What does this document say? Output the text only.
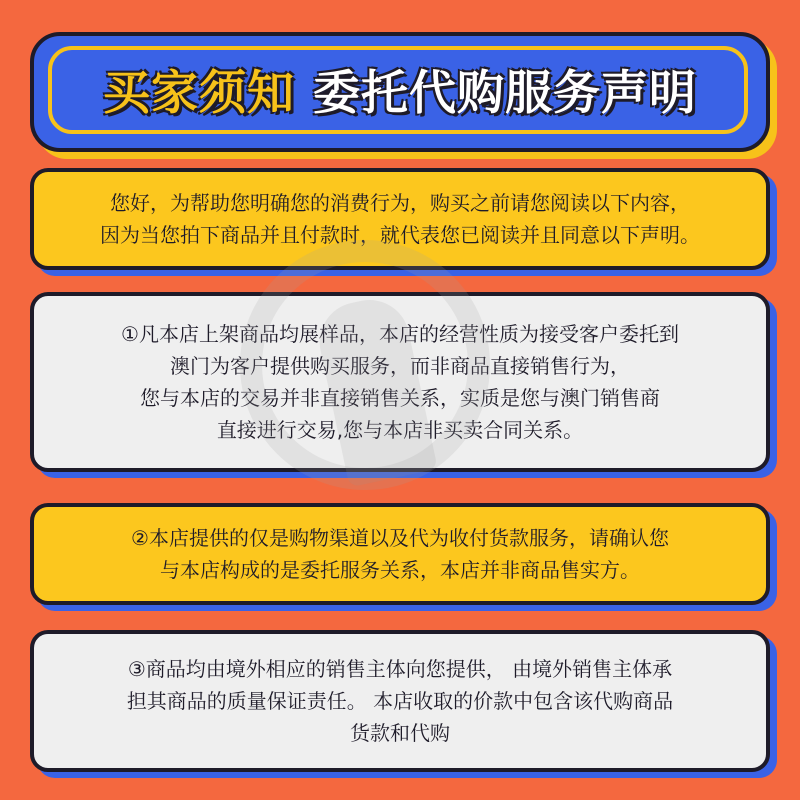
买家须知 委托代购服务声明
您好，为帮助您明确您的消费行为，购买之前请您阅读以下内容，
因为当您拍下商品并且付款时，就代表您已阅读并且同意以下声明。
①凡本店上架商品均展样品，本店的经营性质为接受客户委托到
澳门为客户提供购买服务，而非商品直接销售行为，
您与本店的交易并非直接销售关系，实质是您与澳门销售商
直接进行交易,您与本店非买卖合同关系。
②本店提供的仅是购物渠道以及代为收付货款服务，请确认您
与本店构成的是委托服务关系，本店并非商品售实方。
③商品均由境外相应的销售主体向您提供， 由境外销售主体承
担其商品的质量保证责任。 本店收取的价款中包含该代购商品
货款和代购
